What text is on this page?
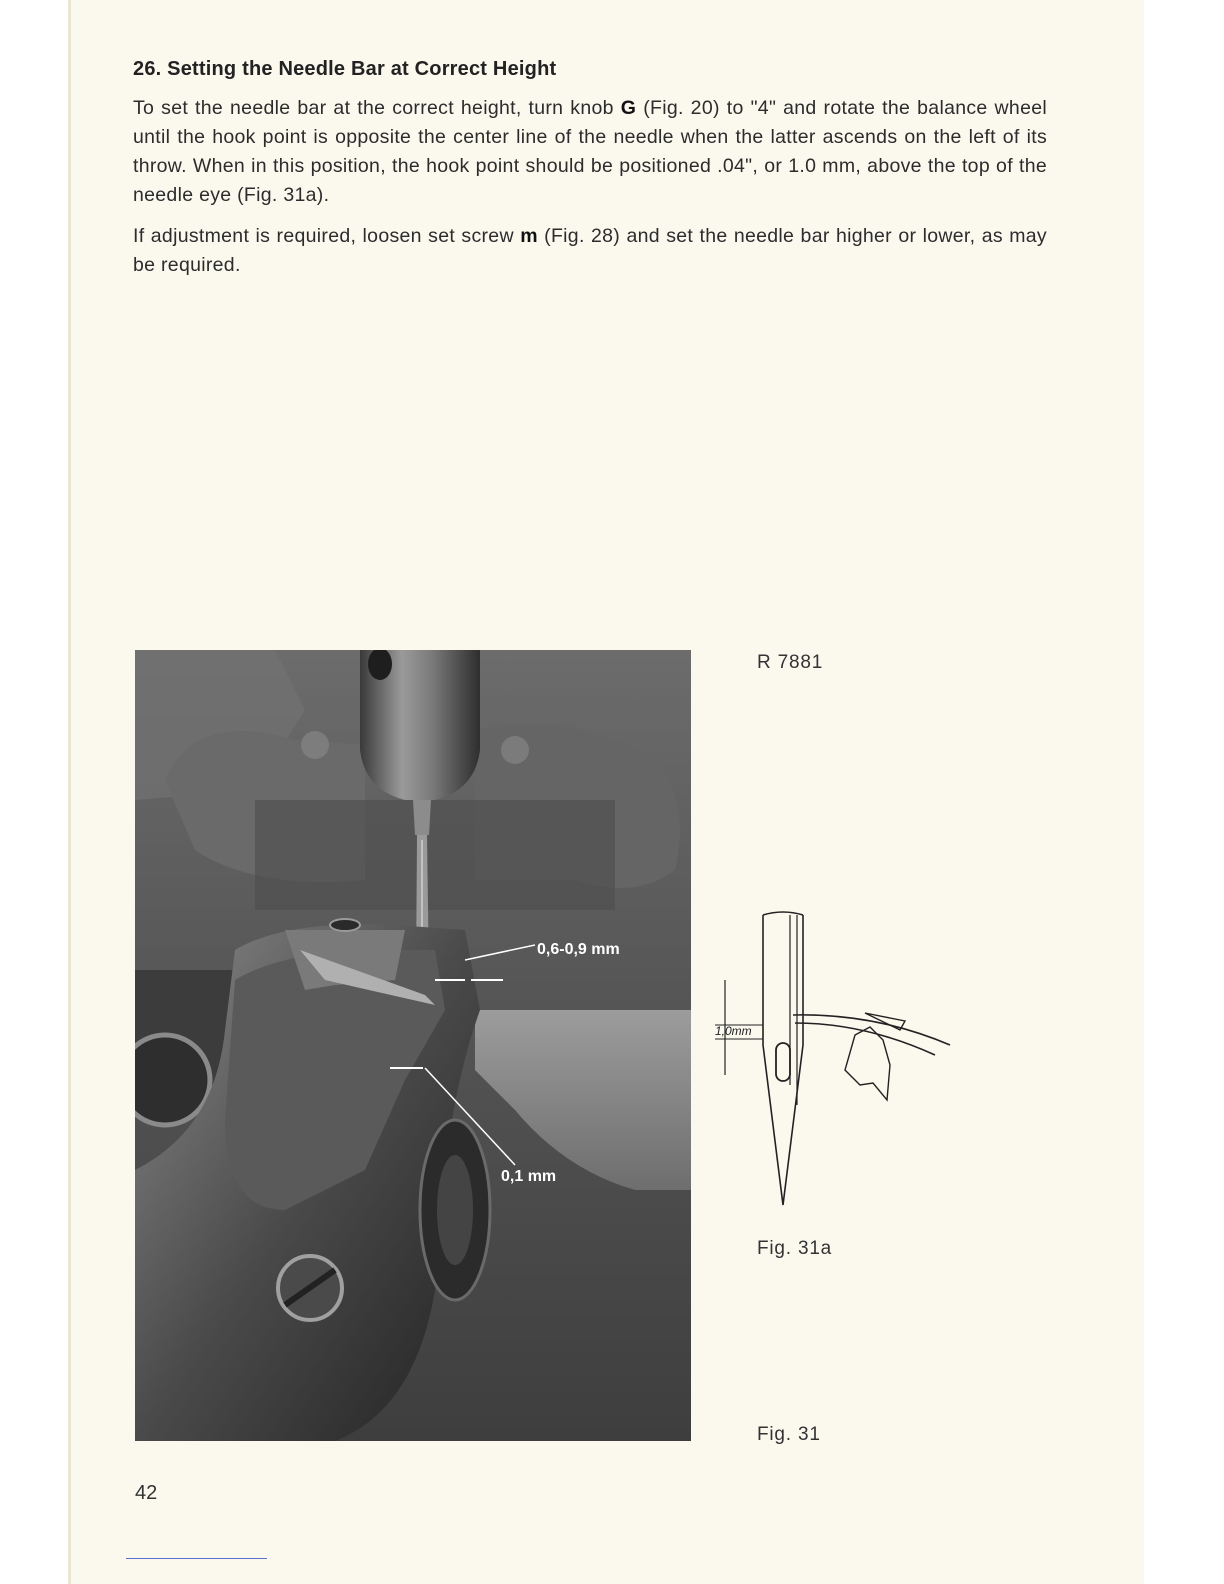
26. Setting the Needle Bar at Correct Height

To set the needle bar at the correct height, turn knob G (Fig. 20) to "4" and rotate the balance wheel until the hook point is opposite the center line of the needle when the latter ascends on the left of its throw. When in this position, the hook point should be positioned .04", or 1.0 mm, above the top of the needle eye (Fig. 31a).

If adjustment is required, loosen set screw m (Fig. 28) and set the needle bar higher or lower, as may be required.

0,6-0,9 mm
0,1 mm
R 7881
1,0mm
Fig. 31a
Fig. 31
42
